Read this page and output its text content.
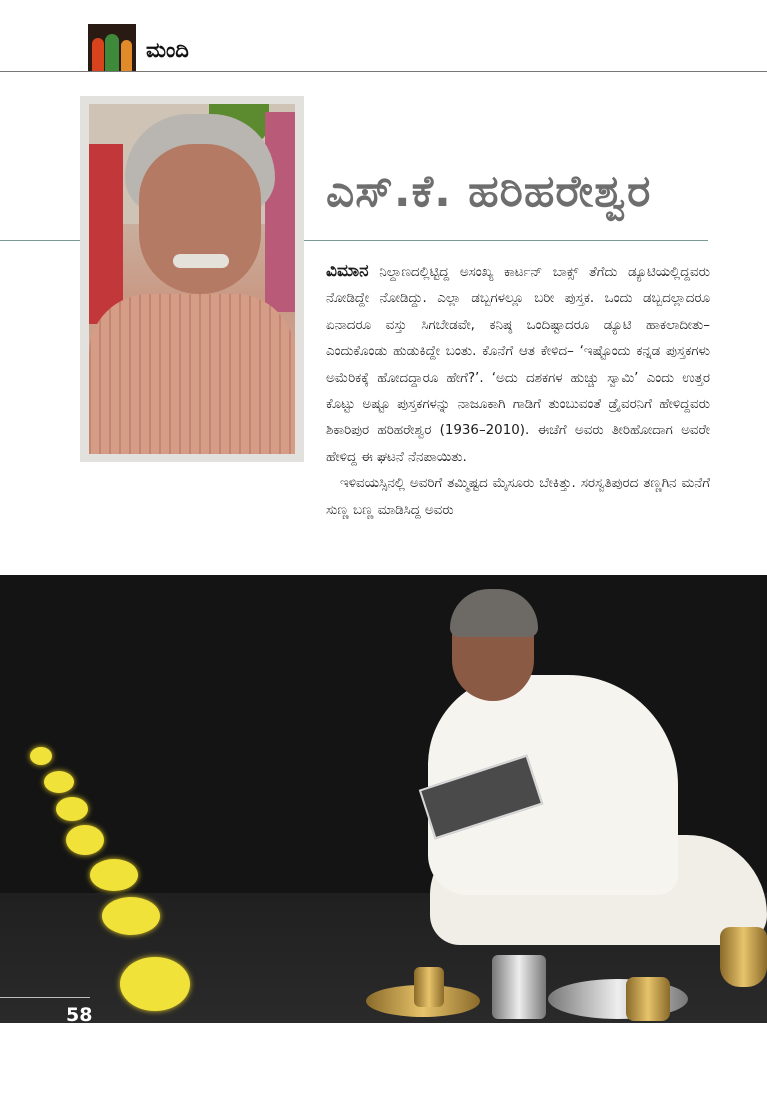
ಮಂದಿ
ಎಸ್.ಕೆ. ಹರಿಹರೇಶ್ವರ

ವಿಮಾನ ನಿಲ್ದಾಣದಲ್ಲಿಟ್ಟಿದ್ದ ಅಸಂಖ್ಯ ಕಾರ್ಟನ್ ಬಾಕ್ಸ್ ತೆಗೆದು ಡ್ಯೂಟಿಯಲ್ಲಿದ್ದವರು ನೋಡಿದ್ದೇ ನೋಡಿದ್ದು. ಎಲ್ಲಾ ಡಬ್ಬಗಳಲ್ಲೂ ಬರೀ ಪುಸ್ತಕ. ಒಂದು ಡಬ್ಬದಲ್ಲಾದರೂ ಏನಾದರೂ ವಸ್ತು ಸಿಗಬೇಡವೇ, ಕನಿಷ್ಠ ಒಂದಿಷ್ಟಾದರೂ ಡ್ಯೂಟಿ ಹಾಕಲಾದೀತು– ಎಂದುಕೊಂಡು ಹುಡುಕಿದ್ದೇ ಬಂತು. ಕೊನೆಗೆ ಆತ ಕೇಳಿದ– ‘ಇಷ್ಟೊಂದು ಕನ್ನಡ ಪುಸ್ತಕಗಳು ಅಮೆರಿಕಕ್ಕೆ ಹೋದದ್ದಾರೂ ಹೇಗೆ?’. ‘ಅದು ದಶಕಗಳ ಹುಚ್ಚು ಸ್ವಾಮಿ’ ಎಂದು ಉತ್ತರ ಕೊಟ್ಟು ಅಷ್ಟೂ ಪುಸ್ತಕಗಳನ್ನು ನಾಜೂಕಾಗಿ ಗಾಡಿಗೆ ತುಂಬುವಂತೆ ಡ್ರೈವರನಿಗೆ ಹೇಳಿದ್ದವರು ಶಿಕಾರಿಪುರ ಹರಿಹರೇಶ್ವರ (1936–2010). ಈಚೆಗೆ ಅವರು ತೀರಿಹೋದಾಗ ಅವರೇ ಹೇಳಿದ್ದ ಈ ಘಟನೆ ನೆನಪಾಯಿತು.

ಇಳಿವಯಸ್ಸಿನಲ್ಲಿ ಅವರಿಗೆ ತಮ್ಮಿಷ್ಟದ ಮೈಸೂರು ಬೇಕಿತ್ತು. ಸರಸ್ವತಿಪುರದ ತಣ್ಣಗಿನ ಮನೆಗೆ ಸುಣ್ಣ ಬಣ್ಣ ಮಾಡಿಸಿದ್ದ ಅವರು

58
